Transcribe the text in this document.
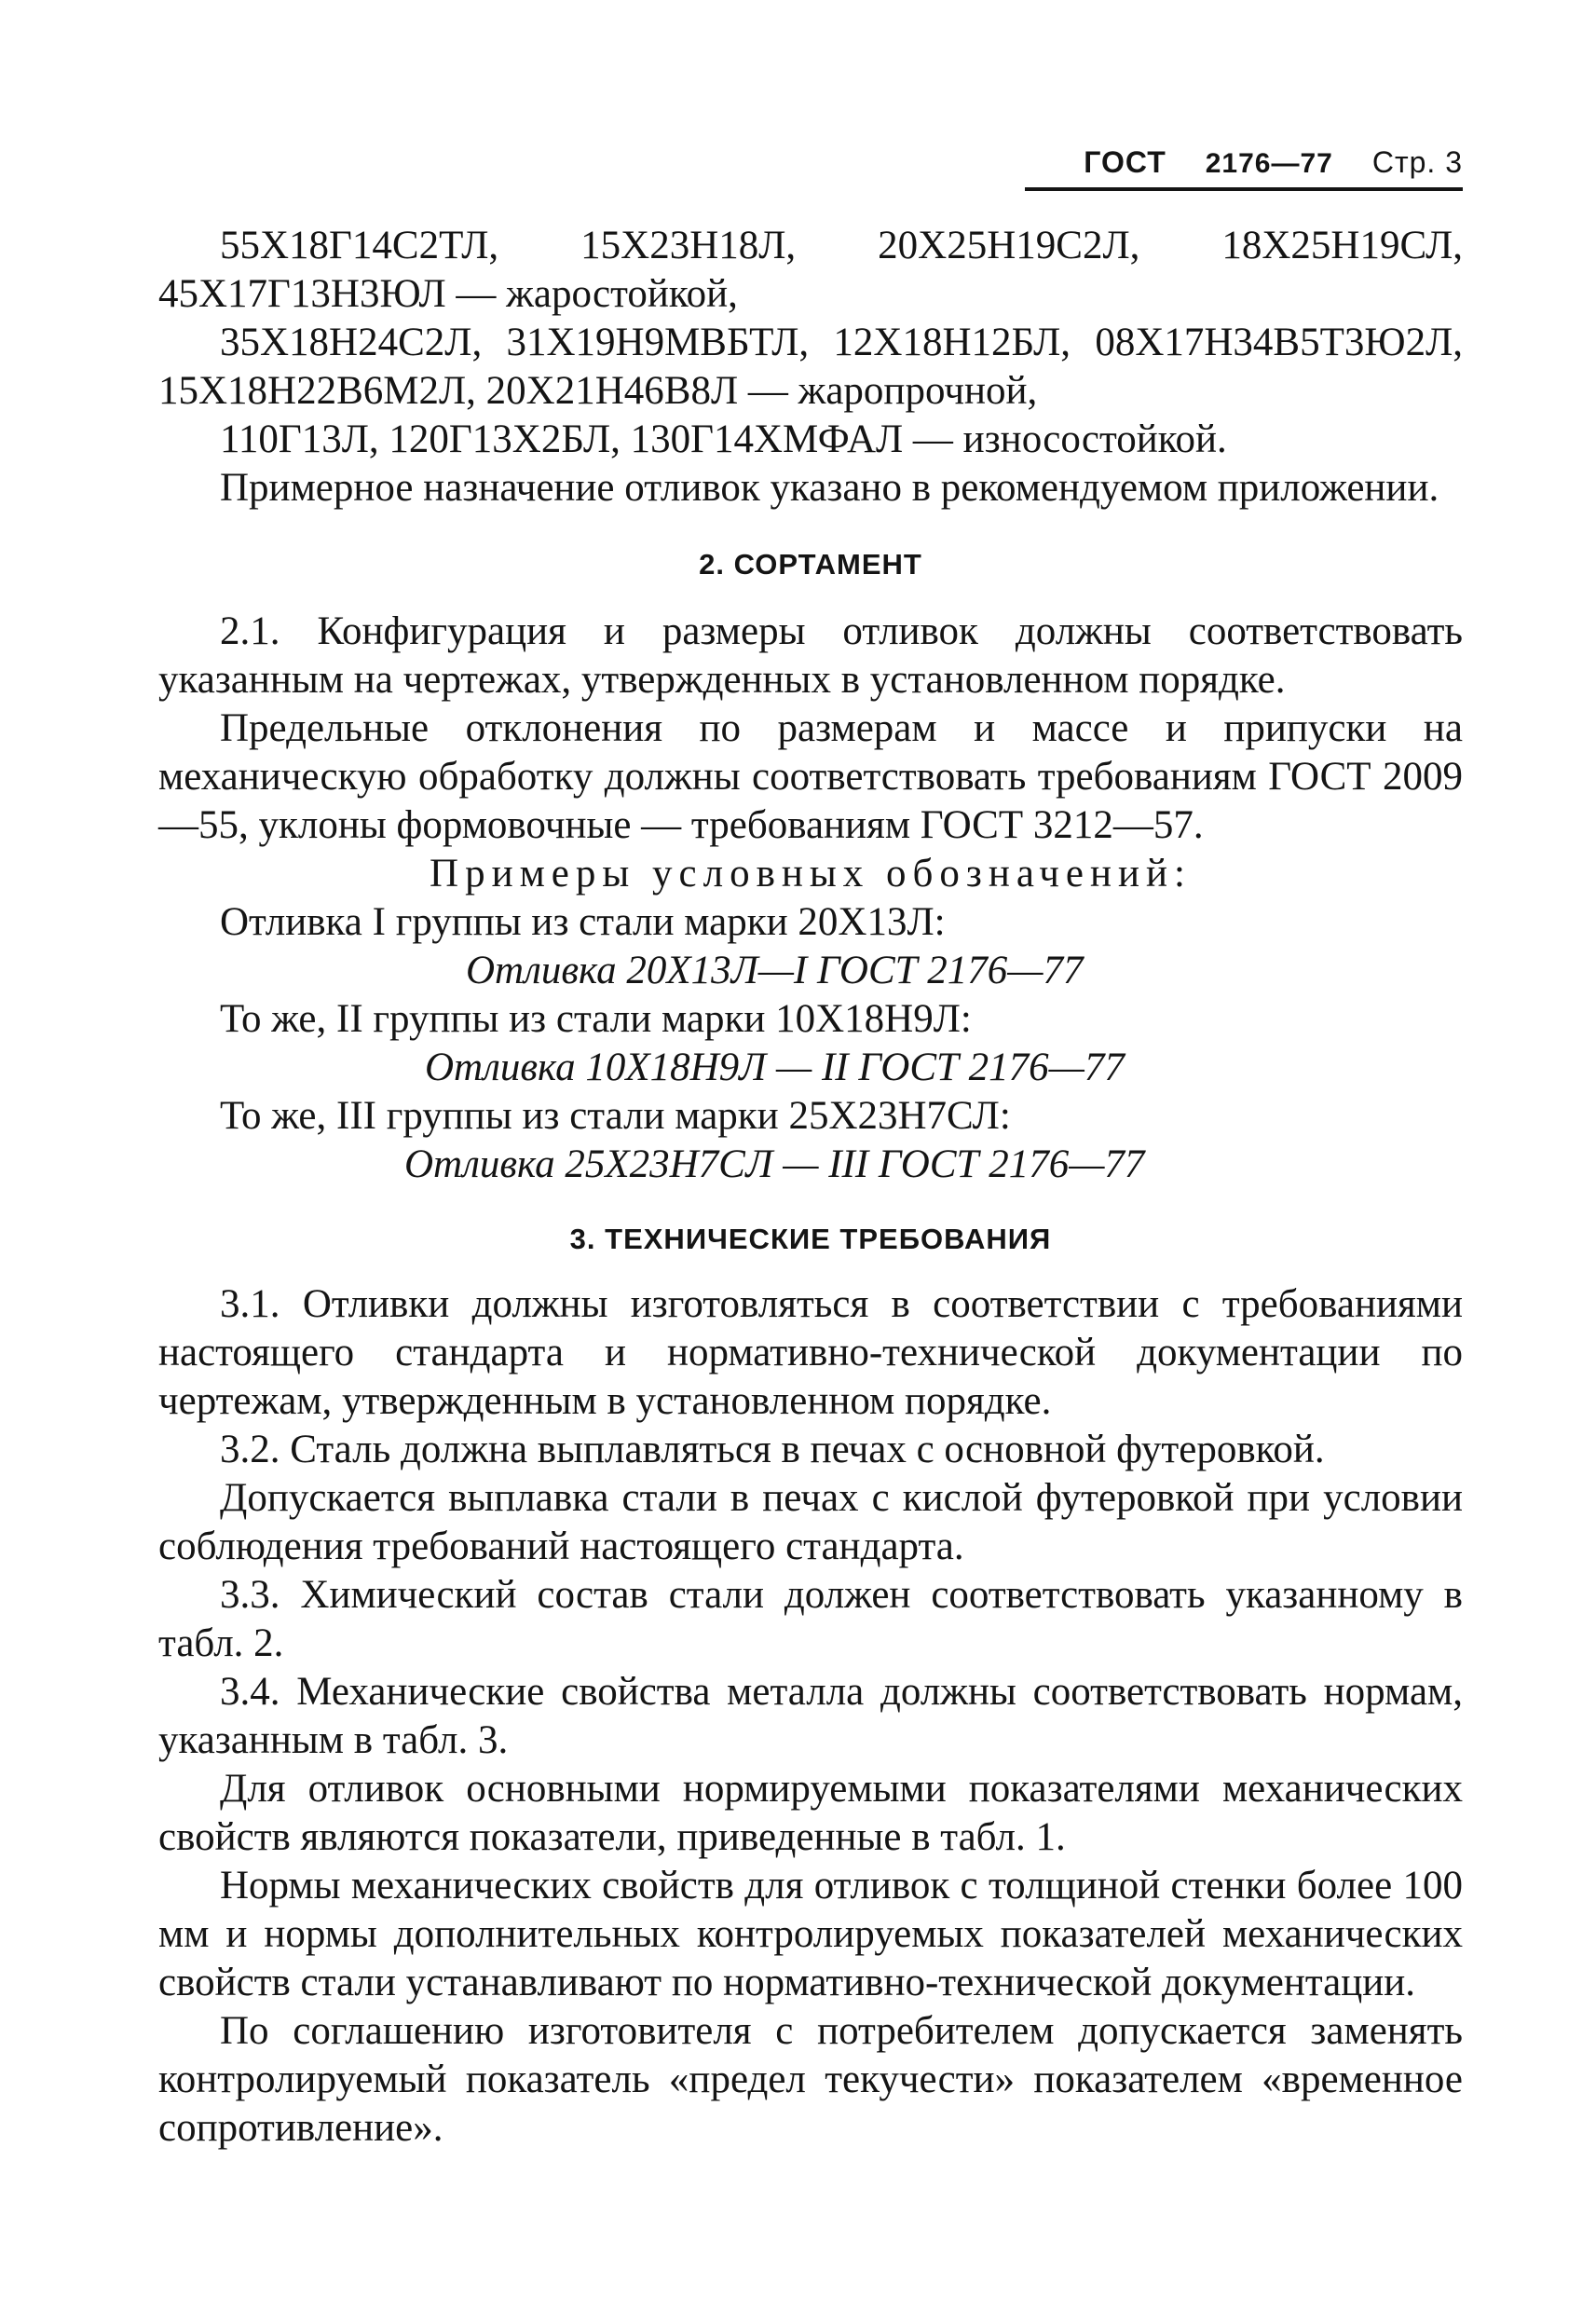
ГОСТ 2176—77 Стр. 3

55Х18Г14С2ТЛ, 15Х23Н18Л, 20Х25Н19С2Л, 18Х25Н19СЛ, 45Х17Г13Н3ЮЛ — жаростойкой,

35Х18Н24С2Л, 31Х19Н9МВБТЛ, 12Х18Н12БЛ, 08Х17Н34В5Т3Ю2Л, 15Х18Н22В6М2Л, 20Х21Н46В8Л — жаропрочной,

110Г13Л, 120Г13Х2БЛ, 130Г14ХМФАЛ — износостойкой.

Примерное назначение отливок указано в рекомендуемом приложении.

2. СОРТАМЕНТ

2.1. Конфигурация и размеры отливок должны соответствовать указанным на чертежах, утвержденных в установленном порядке.

Предельные отклонения по размерам и массе и припуски на механическую обработку должны соответствовать требованиям ГОСТ 2009—55, уклоны формовочные — требованиям ГОСТ 3212—57.

Примеры условных обозначений:

Отливка I группы из стали марки 20Х13Л:

Отливка 20Х13Л—I ГОСТ 2176—77

То же, II группы из стали марки 10Х18Н9Л:

Отливка 10Х18Н9Л — II ГОСТ 2176—77

То же, III группы из стали марки 25Х23Н7СЛ:

Отливка 25Х23Н7СЛ — III ГОСТ 2176—77

3. ТЕХНИЧЕСКИЕ ТРЕБОВАНИЯ

3.1. Отливки должны изготовляться в соответствии с требованиями настоящего стандарта и нормативно-технической документации по чертежам, утвержденным в установленном порядке.

3.2. Сталь должна выплавляться в печах с основной футеровкой.

Допускается выплавка стали в печах с кислой футеровкой при условии соблюдения требований настоящего стандарта.

3.3. Химический состав стали должен соответствовать указанному в табл. 2.

3.4. Механические свойства металла должны соответствовать нормам, указанным в табл. 3.

Для отливок основными нормируемыми показателями механических свойств являются показатели, приведенные в табл. 1.

Нормы механических свойств для отливок с толщиной стенки более 100 мм и нормы дополнительных контролируемых показателей механических свойств стали устанавливают по нормативно-технической документации.

По соглашению изготовителя с потребителем допускается заменять контролируемый показатель «предел текучести» показателем «временное сопротивление».
